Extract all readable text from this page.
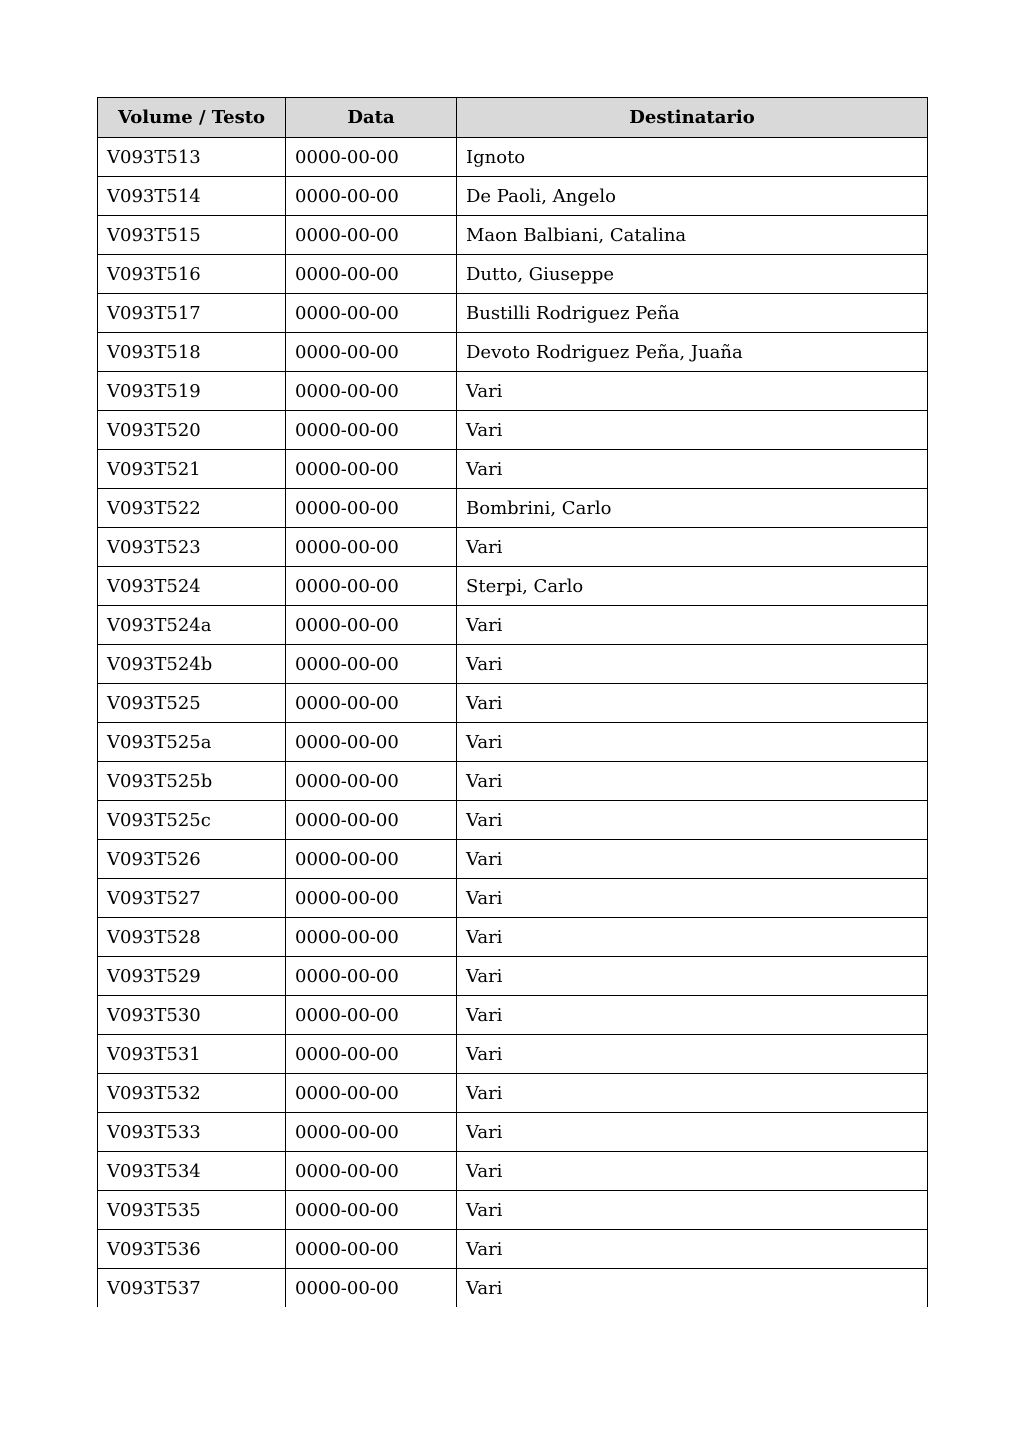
Volume / Testo	Data	Destinatario
V093T513	0000-00-00	Ignoto
V093T514	0000-00-00	De Paoli, Angelo
V093T515	0000-00-00	Maon Balbiani, Catalina
V093T516	0000-00-00	Dutto, Giuseppe
V093T517	0000-00-00	Bustilli Rodriguez Peña
V093T518	0000-00-00	Devoto Rodriguez Peña, Juaña
V093T519	0000-00-00	Vari
V093T520	0000-00-00	Vari
V093T521	0000-00-00	Vari
V093T522	0000-00-00	Bombrini, Carlo
V093T523	0000-00-00	Vari
V093T524	0000-00-00	Sterpi, Carlo
V093T524a	0000-00-00	Vari
V093T524b	0000-00-00	Vari
V093T525	0000-00-00	Vari
V093T525a	0000-00-00	Vari
V093T525b	0000-00-00	Vari
V093T525c	0000-00-00	Vari
V093T526	0000-00-00	Vari
V093T527	0000-00-00	Vari
V093T528	0000-00-00	Vari
V093T529	0000-00-00	Vari
V093T530	0000-00-00	Vari
V093T531	0000-00-00	Vari
V093T532	0000-00-00	Vari
V093T533	0000-00-00	Vari
V093T534	0000-00-00	Vari
V093T535	0000-00-00	Vari
V093T536	0000-00-00	Vari
V093T537	0000-00-00	Vari
